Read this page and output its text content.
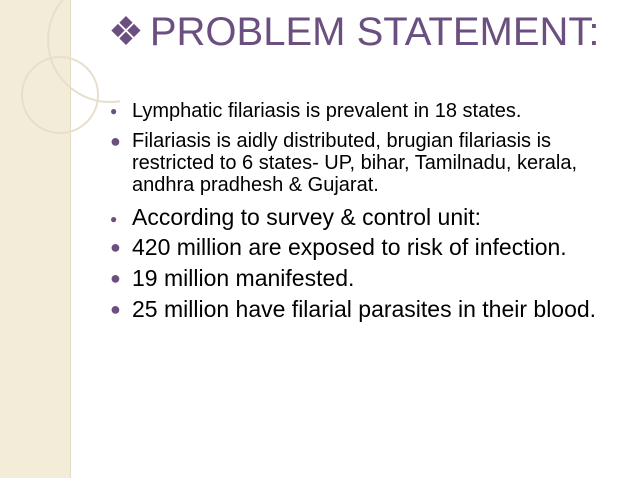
❖ PROBLEM STATEMENT:
● Lymphatic filariasis is prevalent in 18 states.
● Filariasis is aidly distributed, brugian filariasis is restricted to 6 states- UP, bihar, Tamilnadu, kerala, andhra pradhesh & Gujarat.
● According to survey & control unit:
● 420 million are exposed to risk of infection.
● 19 million manifested.
● 25 million have filarial parasites in their blood.
